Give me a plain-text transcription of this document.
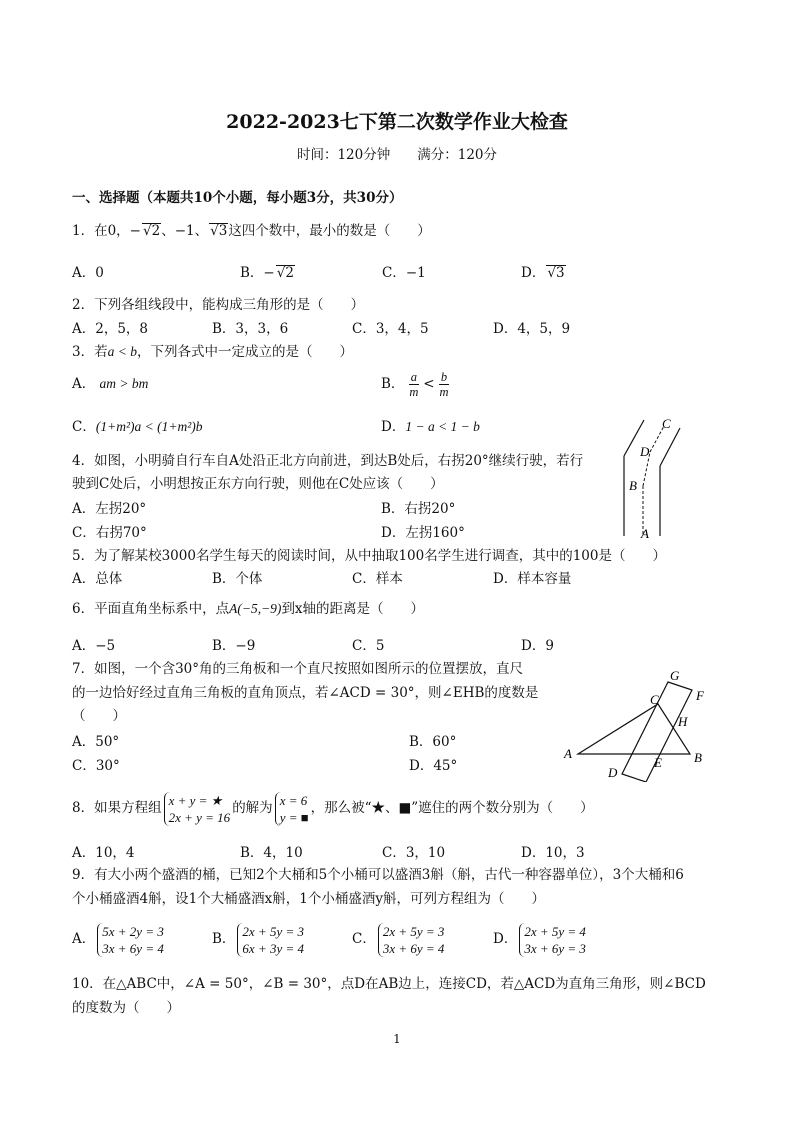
2022-2023七下第二次数学作业大检查
时间：120分钟　　满分：120分
一、选择题（本题共10个小题，每小题3分，共30分）
1．在0，− √2、−1、 √3这四个数中，最小的数是（　　）
A．0	B．− √2	C．−1	D． √3
2．下列各组线段中，能构成三角形的是（　　）
A．2，5，8	B．3，3，6	C．3，4，5	D．4，5，9
3．若a < b，下列各式中一定成立的是（　　）
A． am > bm	B． $\frac{a}{m} < \frac{b}{m}$
C．(1+m²)a < (1+m²)b	D．1 − a < 1 − b
4．如图，小明骑自行车自A处沿正北方向前进，到达B处后，右拐20°继续行驶，若行
驶到C处后，小明想按正东方向行驶，则他在C处应该（　　）
A．左拐20°	B．右拐20°
C．右拐70°	D．左拐160°	A
B
C
D
5．为了解某校3000名学生每天的阅读时间，从中抽取100名学生进行调查，其中的100是（　　）
A．总体	B．个体	C．样本	D．样本容量
6．平面直角坐标系中，点A(−5,−9)到x轴的距离是（　　）
A．−5	B．−9	C．5	D．9
7．如图，一个含30°角的三角板和一个直尺按照如图所示的位置摆放，直尺
的一边恰好经过直角三角板的直角顶点，若∠ACD = 30°，则∠EHB的度数是
（　　）
A．50°	B．60°
C．30°	D．45°
A	B
C
D
E
F
G
H
8．如果方程组 x + y = ★
2x + y = 16
的解为 x = 6
y = ■
，那么被“★、■”遮住的两个数分别为（　　）
A．10，4	B．4，10	C．3，10	D．10，3
9．有大小两个盛酒的桶，已知2个大桶和5个小桶可以盛酒3斛（斛，古代一种容器单位），3个大桶和6
个小桶盛酒4斛，设1个大桶盛酒x斛，1个小桶盛酒y斛，可列方程组为（　　）
A． 5x + 2y = 3
3x + 6y = 4
B． 2x + 5y = 3
6x + 3y = 4
C． 2x + 5y = 3
3x + 6y = 4
D． 2x + 5y = 4
3x + 6y = 3
10．在△ABC中，∠A = 50°，∠B = 30°，点D在AB边上，连接CD，若△ACD为直角三角形，则∠BCD
的度数为（　　）
1
